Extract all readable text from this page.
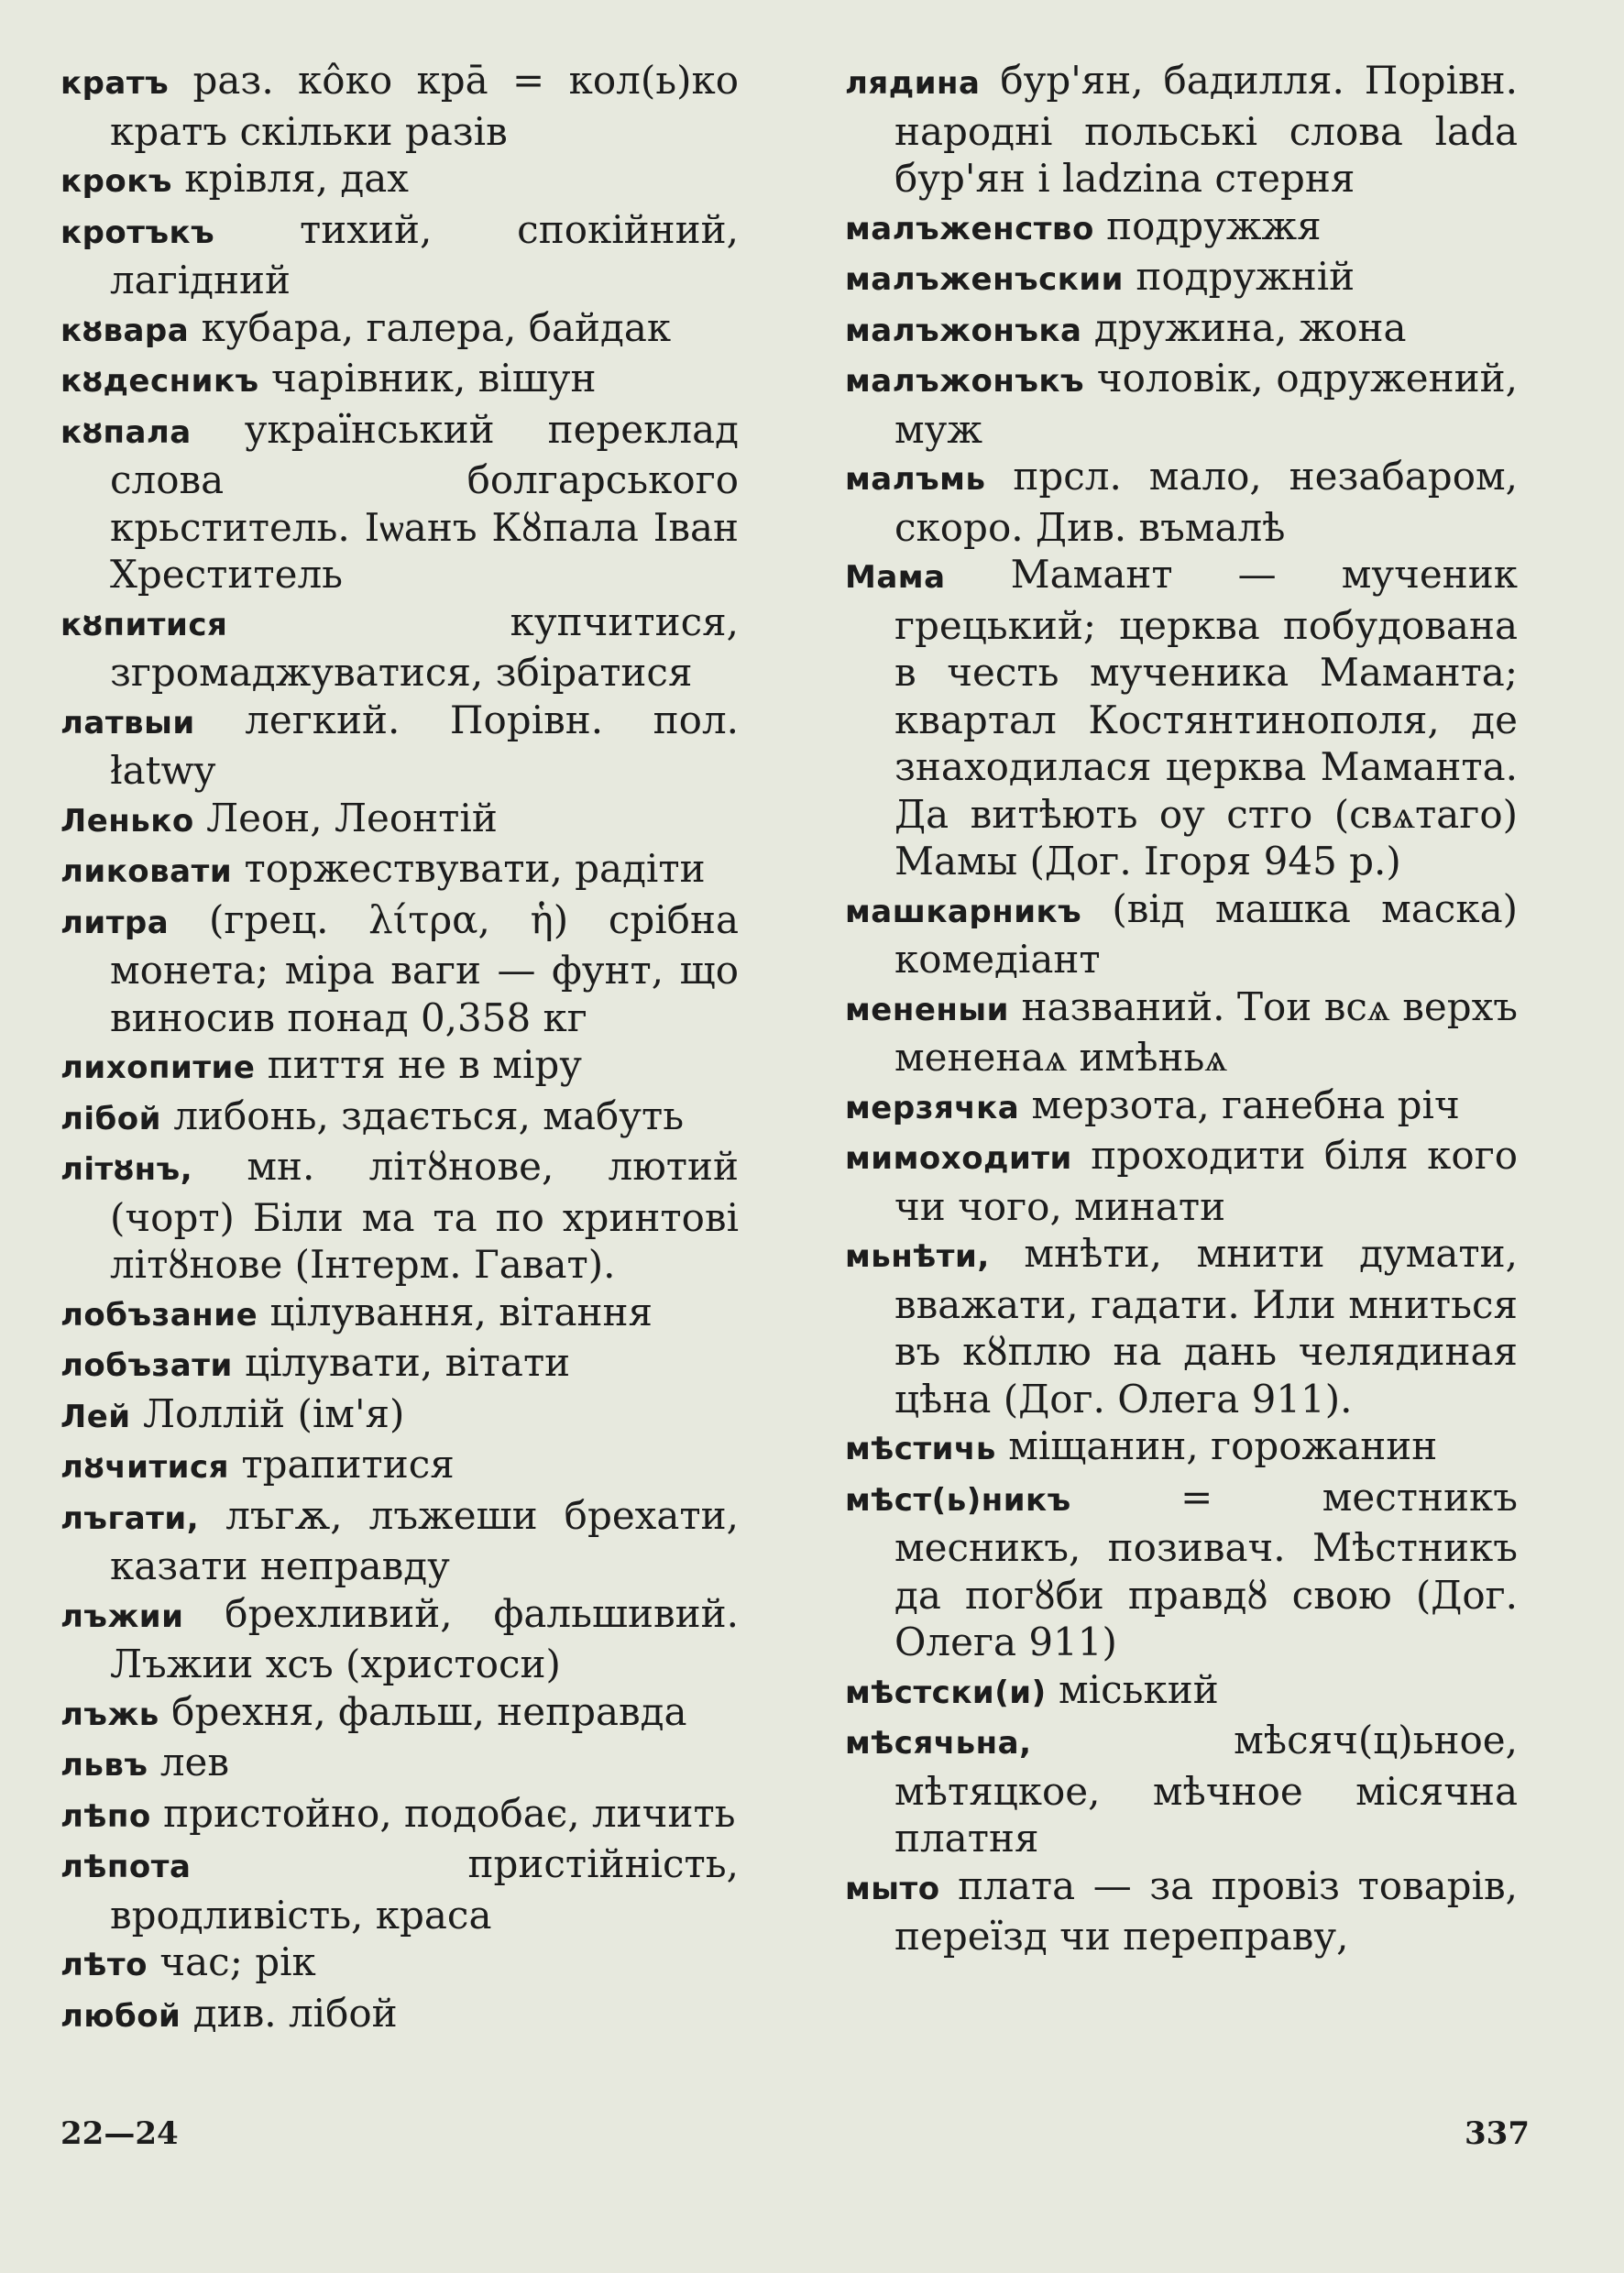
кратъ раз. кôко кра̄ = кол(ь)ко кратъ скільки разів

крокъ крівля, дах

кротъкъ тихий, спокійний, лагідний

кȣвара кубара, галера, байдак

кȣдесникъ чарівник, вішун

кȣпала український переклад слова болгарського крьститель. Іѡанъ Кȣпала Іван Хреститель

кȣпитися	купчитися, згромаджуватися, збіратися

латвыи легкий. Порівн. пол. łatwy

Ленько Леон, Леонтій

ликовати торжествувати, радіти

литра (грец. λίτρα, ἡ) срібна монета; міра ваги — фунт, що виносив понад 0,358 кг

лихопитие пиття не в міру

лібой либонь, здається, мабуть

літȣнъ, мн. літȣнове, лютий (чорт) Біли ма та по хринтові літȣнове (Інтерм. Гават).

лобъзание цілування, вітання

лобъзати цілувати, вітати

Лей Лоллій (ім'я)

лȣчитися трапитися

лъгати, лъгѫ, лъжеши брехати, казати неправду

лъжии брехливий, фальшивий. Лъжии хсъ (христоси)

лъжь брехня, фальш, неправда

львъ лев

лѣпо пристойно, подобає, личить

лѣпота	пристійність, вродливість, краса

лѣто час; рік

любой див. лібой

лядина бур'ян, бадилля. Порівн. народні польські слова lada бур'ян і ladzina стерня

малъженство подружжя

малъженъскии подружній

малъжонъка дружина, жона

малъжонъкъ чоловік, одружений, муж

малъмь прсл. мало, незабаром, скоро. Див. въмалѣ

Мама Мамант — мученик грецький; церква побудована в честь мученика Маманта; квартал Костянтинополя, де знаходилася церква Маманта. Да витѣють оу стго (свѧтаго) Мамы (Дог. Ігоря 945 р.)

машкарникъ (від машка маска) комедіант

мененыи названий. Тои всѧ верхъ мененаѧ имѣньѧ

мерзячка мерзота, ганебна річ

мимоходити проходити біля кого чи чого, минати

мьнѣти, мнѣти, мнити думати, вважати, гадати. Или мниться въ кȣплю на дань челядиная цѣна (Дог. Олега 911).

мѣстичь міщанин, горожанин

мѣст(ь)никъ	= местникъ месникъ, позивач. Мѣстникъ да погȣби правдȣ свою (Дог. Олега 911)

мѣстски(и) міський

мѣсячьна,	мѣсяч(ц)ьное, мѣтяцкое, мѣчное місячна платня

мыто плата — за провіз товарів, переїзд чи переправу,

22—24	337
